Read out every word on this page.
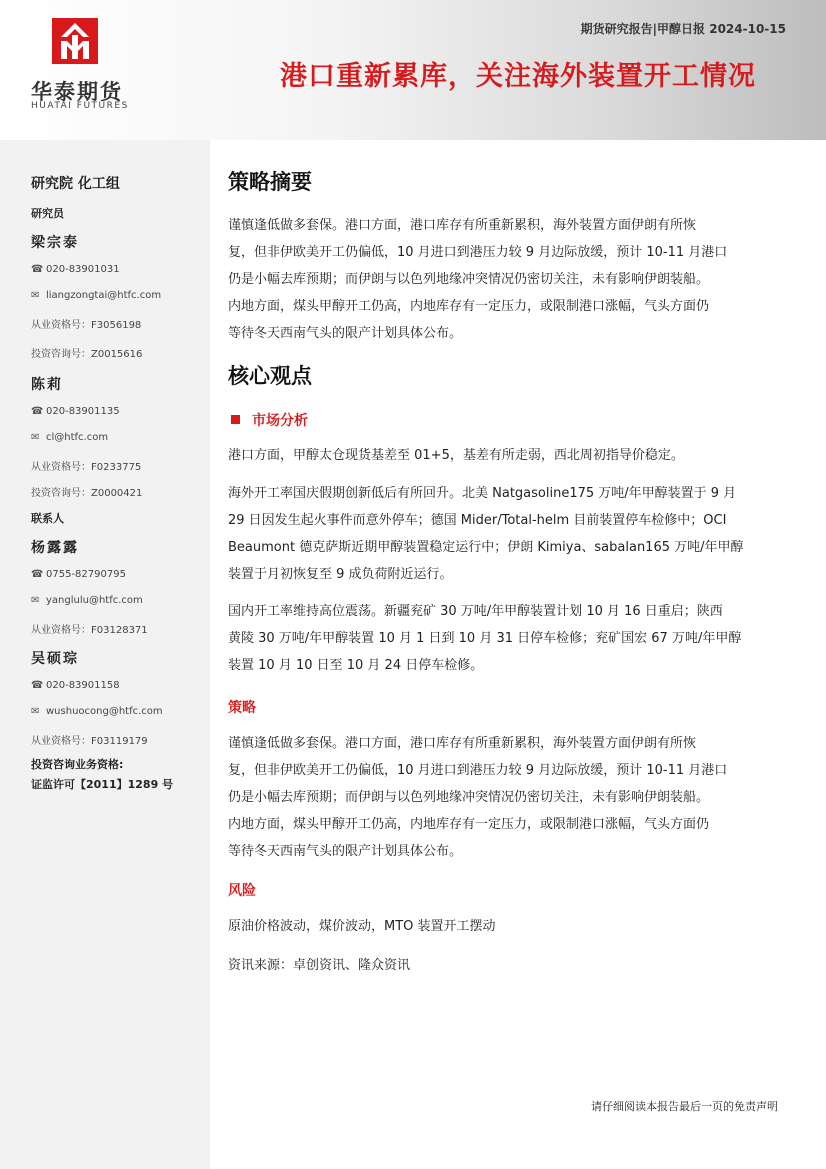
华泰期货
HUATAI FUTURES
期货研究报告|甲醇日报 2024-10-15
港口重新累库，关注海外装置开工情况
研究院 化工组
研究员
梁宗泰
☎ 020-83901031
✉ liangzongtai@htfc.com
从业资格号：F3056198
投资咨询号：Z0015616
陈莉
☎ 020-83901135
✉ cl@htfc.com
从业资格号：F0233775
投资咨询号：Z0000421
联系人
杨露露
☎ 0755-82790795
✉ yanglulu@htfc.com
从业资格号：F03128371
吴硕琮
☎ 020-83901158
✉ wushuocong@htfc.com
从业资格号：F03119179
投资咨询业务资格:
证监许可【2011】1289 号
策略摘要
谨慎逢低做多套保。港口方面，港口库存有所重新累积，海外装置方面伊朗有所恢
复，但非伊欧美开工仍偏低，10 月进口到港压力较 9 月边际放缓，预计 10-11 月港口
仍是小幅去库预期；而伊朗与以色列地缘冲突情况仍密切关注，未有影响伊朗装船。
内地方面，煤头甲醇开工仍高，内地库存有一定压力，或限制港口涨幅，气头方面仍
等待冬天西南气头的限产计划具体公布。
核心观点
市场分析
港口方面，甲醇太仓现货基差至 01+5，基差有所走弱，西北周初指导价稳定。
海外开工率国庆假期创新低后有所回升。北美 Natgasoline175 万吨/年甲醇装置于 9 月
29 日因发生起火事件而意外停车；德国 Mider/Total-helm 目前装置停车检修中；OCI
Beaumont 德克萨斯近期甲醇装置稳定运行中；伊朗 Kimiya、sabalan165 万吨/年甲醇
装置于月初恢复至 9 成负荷附近运行。
国内开工率维持高位震荡。新疆兖矿 30 万吨/年甲醇装置计划 10 月 16 日重启；陕西
黄陵 30 万吨/年甲醇装置 10 月 1 日到 10 月 31 日停车检修；兖矿国宏 67 万吨/年甲醇
装置 10 月 10 日至 10 月 24 日停车检修。
策略
谨慎逢低做多套保。港口方面，港口库存有所重新累积，海外装置方面伊朗有所恢
复，但非伊欧美开工仍偏低，10 月进口到港压力较 9 月边际放缓，预计 10-11 月港口
仍是小幅去库预期；而伊朗与以色列地缘冲突情况仍密切关注，未有影响伊朗装船。
内地方面，煤头甲醇开工仍高，内地库存有一定压力，或限制港口涨幅，气头方面仍
等待冬天西南气头的限产计划具体公布。
风险
原油价格波动，煤价波动，MTO 装置开工摆动
资讯来源：卓创资讯、隆众资讯
请仔细阅读本报告最后一页的免责声明
